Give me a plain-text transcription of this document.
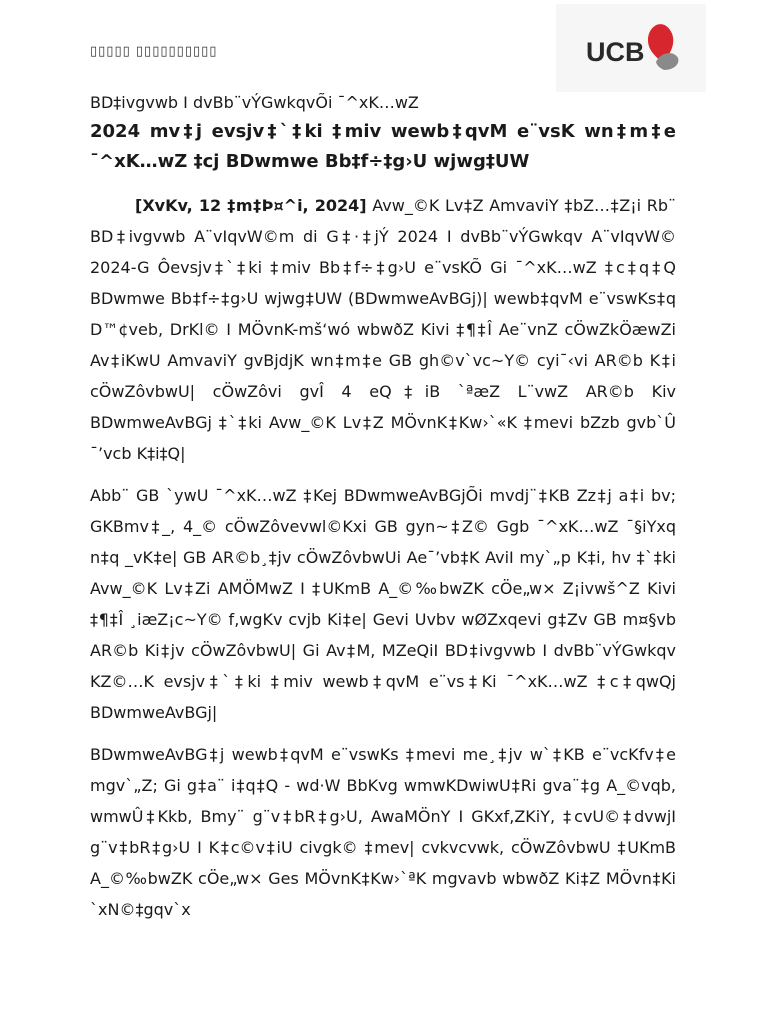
▯▯▯▯▯ ▯▯▯▯▯▯▯▯▯▯	UCB

BD‡ivgvwb I dvBb¨vÝGwkqvÕi ¯^xK…wZ

2024 mv‡j evsjv‡`‡ki ‡miv wewb‡qvM e¨vsK wn‡m‡e ¯^xK…wZ ‡cj BDwmwe Bb‡f÷‡g›U wjwg‡UW

[XvKv, 12 ‡m‡Þ¤^i, 2024] Avw_©K Lv‡Z AmvaviY ‡bZ…‡Z¡i Rb¨ BD‡ivgvwb A¨vIqvW©m di G‡·‡jÝ 2024 I dvBb¨vÝGwkqv A¨vIqvW© 2024-G Ôevsjv‡`‡ki ‡miv Bb‡f÷‡g›U e¨vsKÕ Gi ¯^xK…wZ ‡c‡q‡Q BDwmwe Bb‡f÷‡g›U wjwg‡UW (BDwmweAvBGj)| wewb‡qvM e¨vswKs‡q D™¢veb, DrKl© I MÖvnK-mš‘wó wbwðZ Kivi ‡¶‡Î Ae¨vnZ cÖwZkÖæwZi Av‡iKwU AmvaviY gvBjdjK wn‡m‡e GB gh©v`vc~Y© cyi¯‹vi AR©b K‡i cÖwZôvbwU| cÖwZôvi gvÎ 4 eQ‡iB `ªæZ L¨vwZ AR©b Kiv BDwmweAvBGj ‡`‡ki Avw_©K Lv‡Z MÖvnK‡Kw›`«K ‡mevi bZzb gvb`Û ¯’vcb K‡i‡Q|

Abb¨ GB `ywU ¯^xK…wZ ‡Kej BDwmweAvBGjÕi mvdj¨‡KB Zz‡j a‡i bv; GKBmv‡_, 4_© cÖwZôvevwl©Kxi GB gyn~‡Z© Ggb ¯^xK…wZ ¯§iYxq n‡q _vK‡e| GB AR©b¸‡jv cÖwZôvbwUi Ae¯’vb‡K AviI my`„p K‡i, hv ‡`‡ki Avw_©K Lv‡Zi AMÖMwZ I ‡UKmB A_©‰bwZK cÖe„w× Z¡ivwš^Z Kivi ‡¶‡Î ¸iæZ¡c~Y© f‚wgKv cvjb Ki‡e| Gevi Uvbv wØZxqevi g‡Zv GB m¤§vb AR©b Ki‡jv cÖwZôvbwU| Gi Av‡M, MZeQiI BD‡ivgvwb I dvBb¨vÝGwkqv KZ©…K evsjv‡`‡ki ‡miv wewb‡qvM e¨vs‡Ki ¯^xK…wZ ‡c‡qwQj BDwmweAvBGj|

BDwmweAvBG‡j wewb‡qvM e¨vswKs ‡mevi me¸‡jv w`‡KB e¨vcKfv‡e mgv`„Z; Gi g‡a¨ i‡q‡Q - wd·W BbKvg wmwKDwiwU‡Ri gva¨‡g A_©vqb, wmwÛ‡Kkb, Bmy¨ g¨v‡bR‡g›U, AwaMÖnY I GKxf,ZKiY, ‡cvU©‡dvwjI g¨v‡bR‡g›U I K‡c©v‡iU civgk© ‡mev| cvkvcvwk, cÖwZôvbwU ‡UKmB A_©‰bwZK cÖe„w× Ges MÖvnK‡Kw›`ªK mgvavb wbwðZ Ki‡Z MÖvn‡Ki `xN©‡gqv`x
